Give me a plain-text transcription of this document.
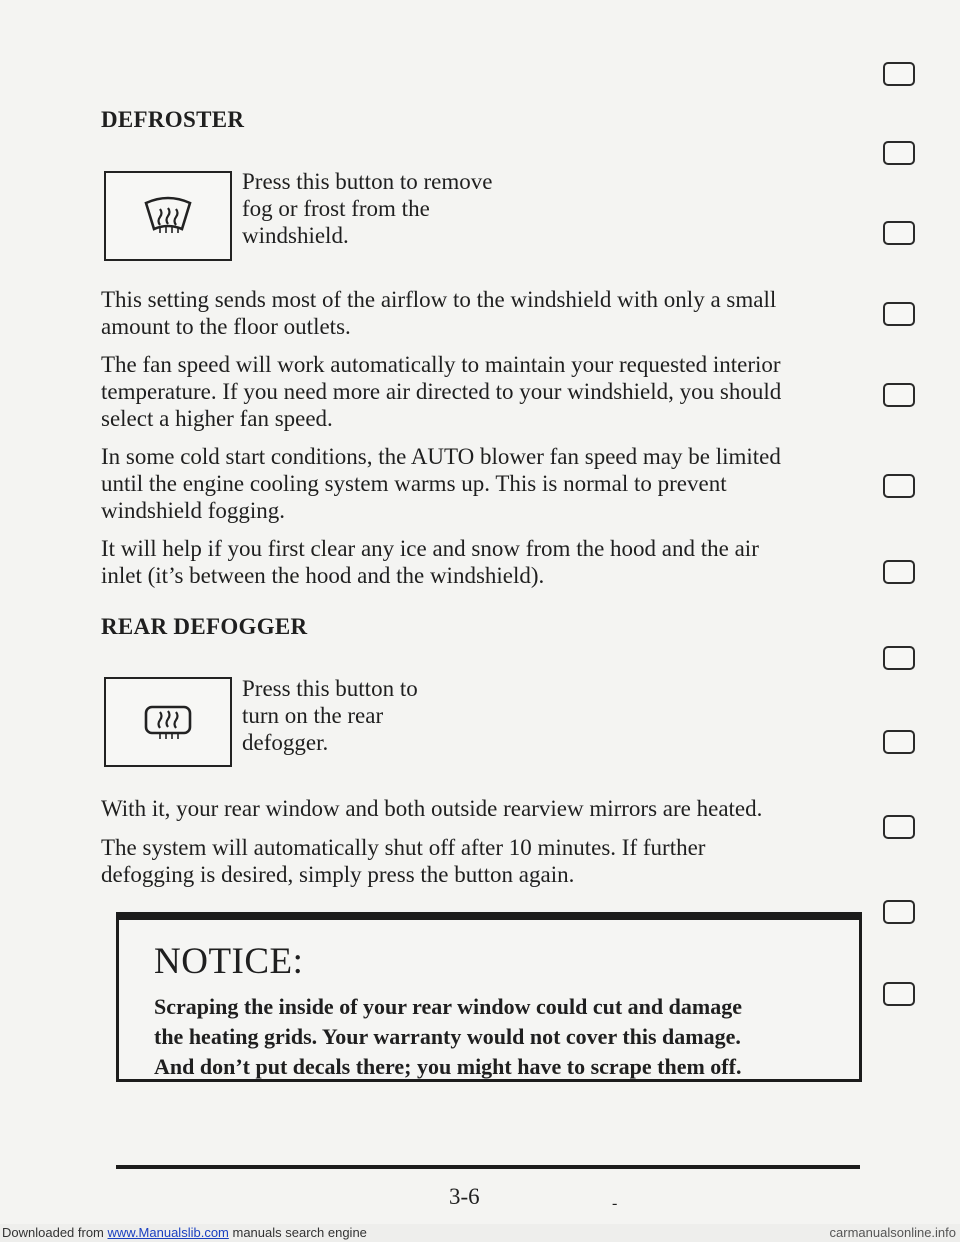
DEFROSTER
Press this button to remove
fog or frost from the
windshield.
This setting sends most of the airflow to the windshield with only a small
amount to the floor outlets.
The fan speed will work automatically to maintain your requested interior
temperature. If you need more air directed to your windshield, you should
select a higher fan speed.
In some cold start conditions, the AUTO blower fan speed may be limited
until the engine cooling system warms up. This is normal to prevent
windshield fogging.
It will help if you first clear any ice and snow from the hood and the air
inlet (it’s between the hood and the windshield).
REAR DEFOGGER
Press this button to
turn on the rear
defogger.
With it, your rear window and both outside rearview mirrors are heated.
The system will automatically shut off after 10 minutes. If further
defogging is desired, simply press the button again.
NOTICE:
Scraping the inside of your rear window could cut and damage
the heating grids. Your warranty would not cover this damage.
And don’t put decals there; you might have to scrape them off.
3-6	-
Downloaded from www.Manualslib.com manuals search engine	carmanualsonline.info
